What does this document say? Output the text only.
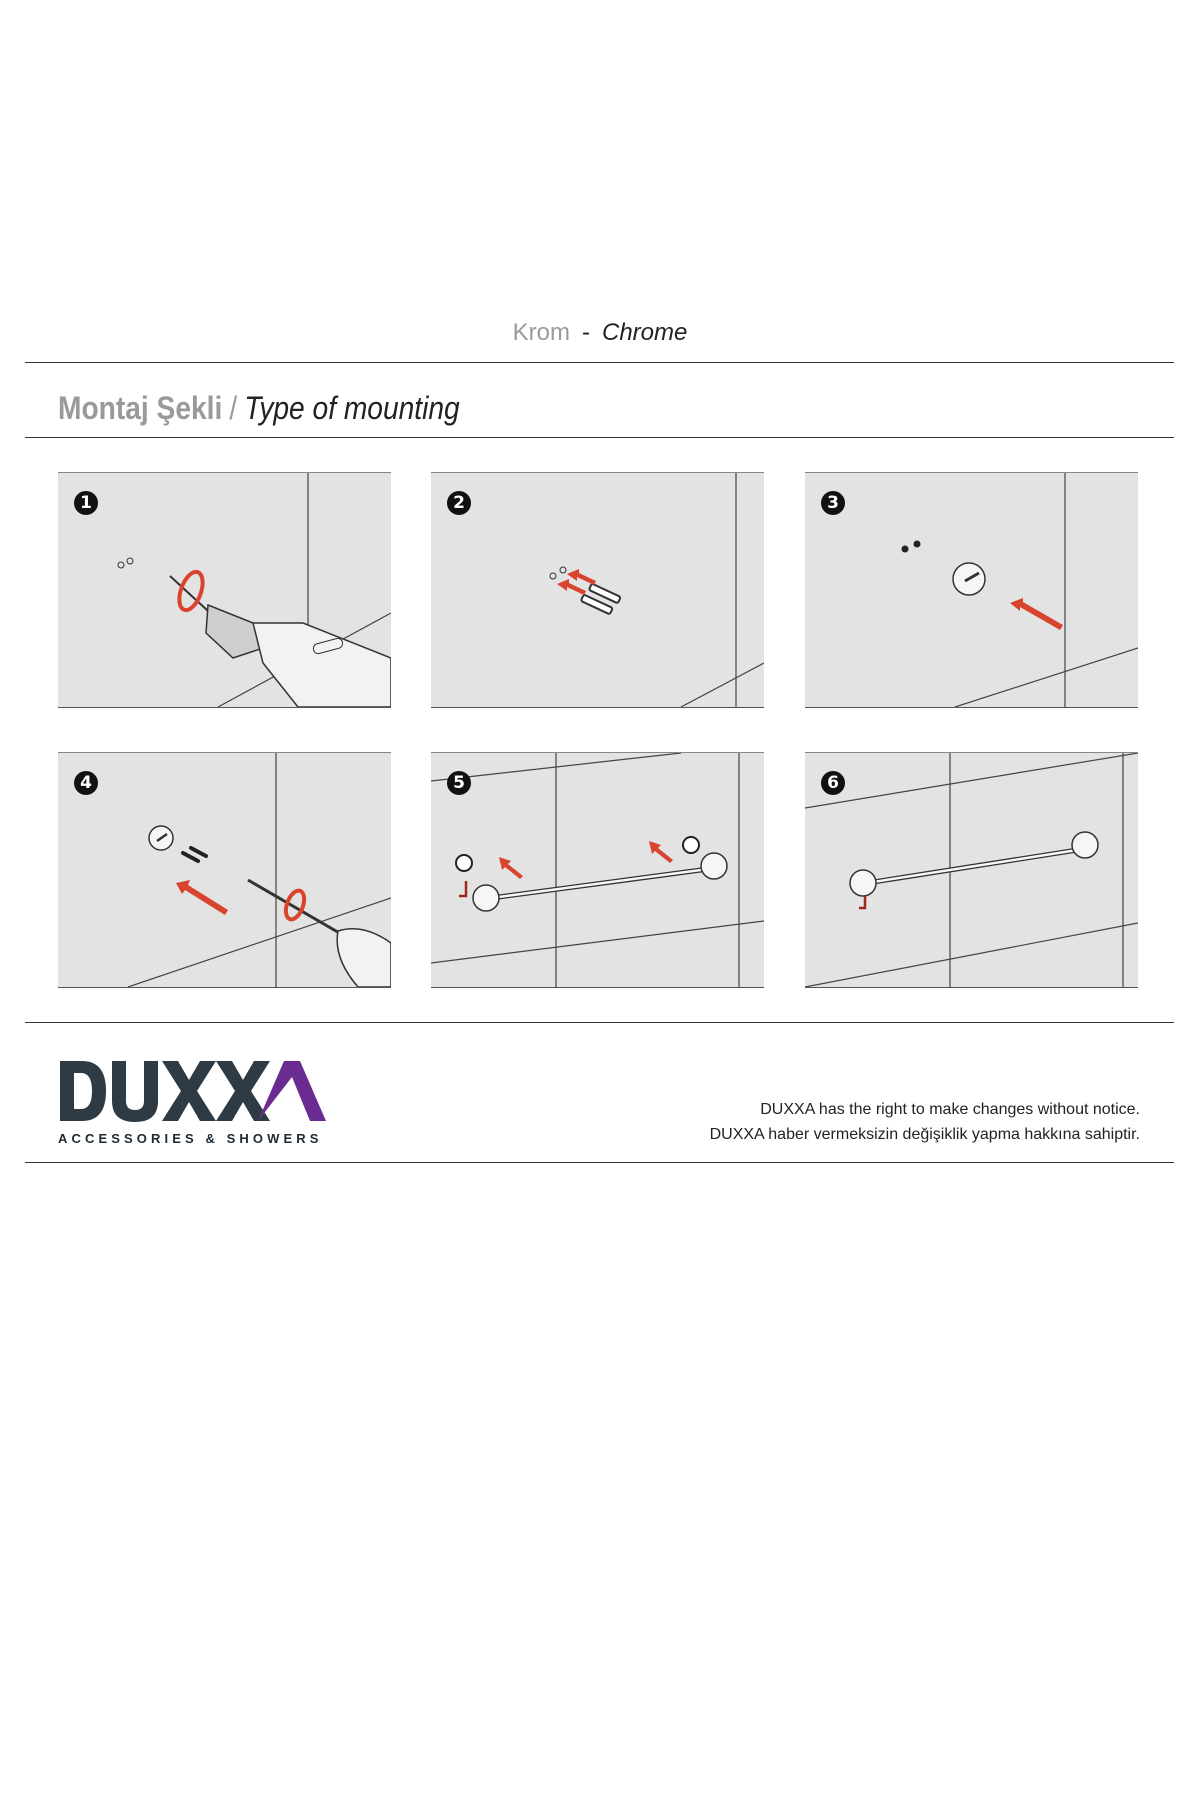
Krom - Chrome
Montaj Şekli / Type of mounting
1	2	3
4	5	6
ACCESSORIES & SHOWERS
DUXXA has the right to make changes without notice.
DUXXA haber vermeksizin değişiklik yapma hakkına sahiptir.
